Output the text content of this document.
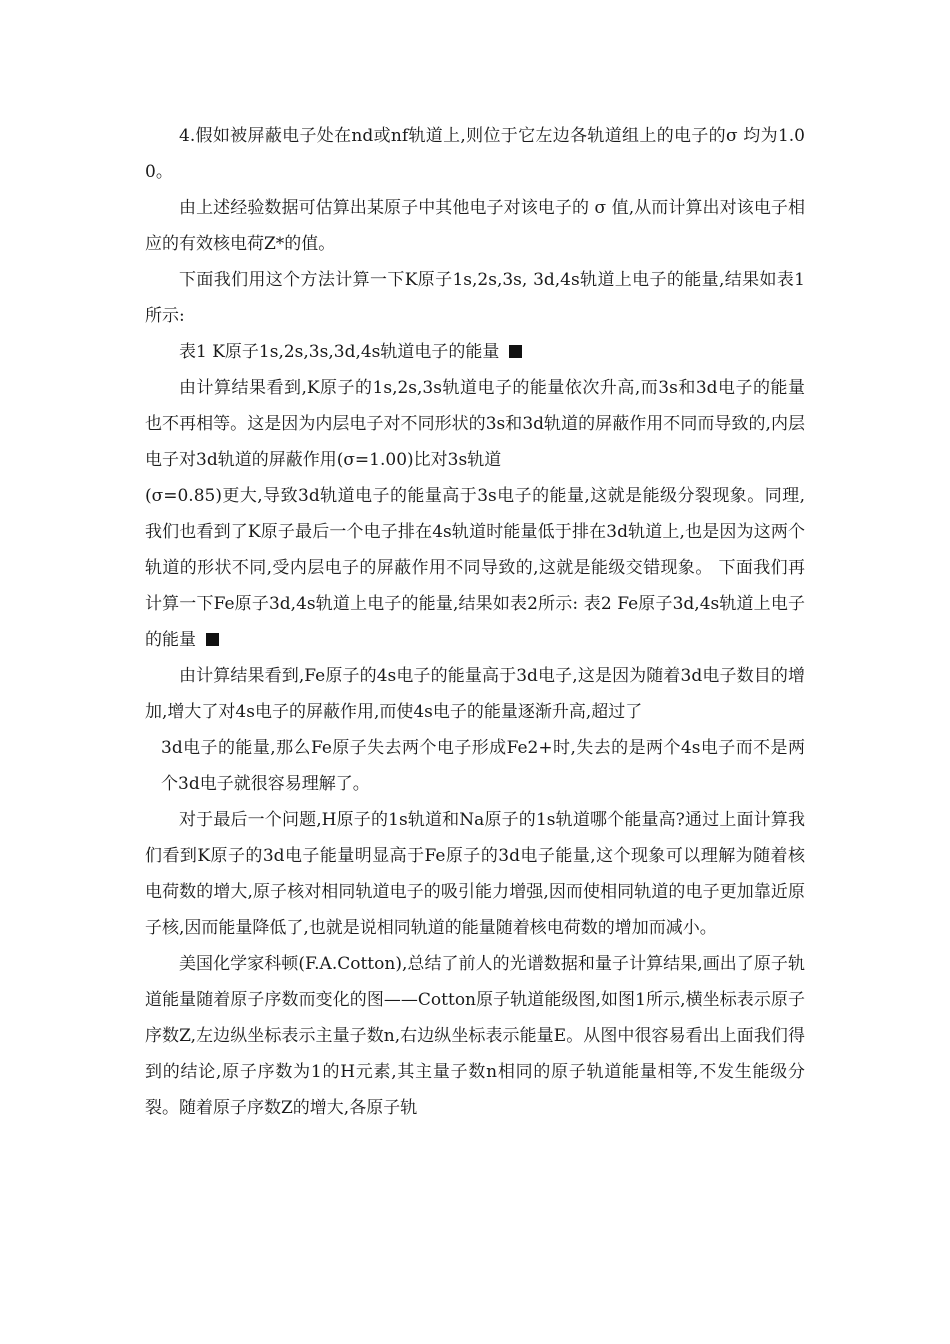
4.假如被屏蔽电子处在nd或nf轨道上,则位于它左边各轨道组上的电子的σ 均为1.00。

由上述经验数据可估算出某原子中其他电子对该电子的 σ 值,从而计算出对该电子相应的有效核电荷Z*的值。

下面我们用这个方法计算一下K原子1s,2s,3s, 3d,4s轨道上电子的能量,结果如表1所示:

表1 K原子1s,2s,3s,3d,4s轨道电子的能量

由计算结果看到,K原子的1s,2s,3s轨道电子的能量依次升高,而3s和3d电子的能量也不再相等。这是因为内层电子对不同形状的3s和3d轨道的屏蔽作用不同而导致的,内层电子对3d轨道的屏蔽作用(σ=1.00)比对3s轨道

(σ=0.85)更大,导致3d轨道电子的能量高于3s电子的能量,这就是能级分裂现象。同理,我们也看到了K原子最后一个电子排在4s轨道时能量低于排在3d轨道上,也是因为这两个轨道的形状不同,受内层电子的屏蔽作用不同导致的,这就是能级交错现象。 下面我们再计算一下Fe原子3d,4s轨道上电子的能量,结果如表2所示: 表2 Fe原子3d,4s轨道上电子的能量

由计算结果看到,Fe原子的4s电子的能量高于3d电子,这是因为随着3d电子数目的增加,增大了对4s电子的屏蔽作用,而使4s电子的能量逐渐升高,超过了

3d电子的能量,那么Fe原子失去两个电子形成Fe2+时,失去的是两个4s电子而不是两个3d电子就很容易理解了。

对于最后一个问题,H原子的1s轨道和Na原子的1s轨道哪个能量高?通过上面计算我们看到K原子的3d电子能量明显高于Fe原子的3d电子能量,这个现象可以理解为随着核电荷数的增大,原子核对相同轨道电子的吸引能力增强,因而使相同轨道的电子更加靠近原子核,因而能量降低了,也就是说相同轨道的能量随着核电荷数的增加而减小。

美国化学家科顿(F.A.Cotton),总结了前人的光谱数据和量子计算结果,画出了原子轨道能量随着原子序数而变化的图——Cotton原子轨道能级图,如图1所示,横坐标表示原子序数Z,左边纵坐标表示主量子数n,右边纵坐标表示能量E。从图中很容易看出上面我们得到的结论,原子序数为1的H元素,其主量子数n相同的原子轨道能量相等,不发生能级分裂。随着原子序数Z的增大,各原子轨
